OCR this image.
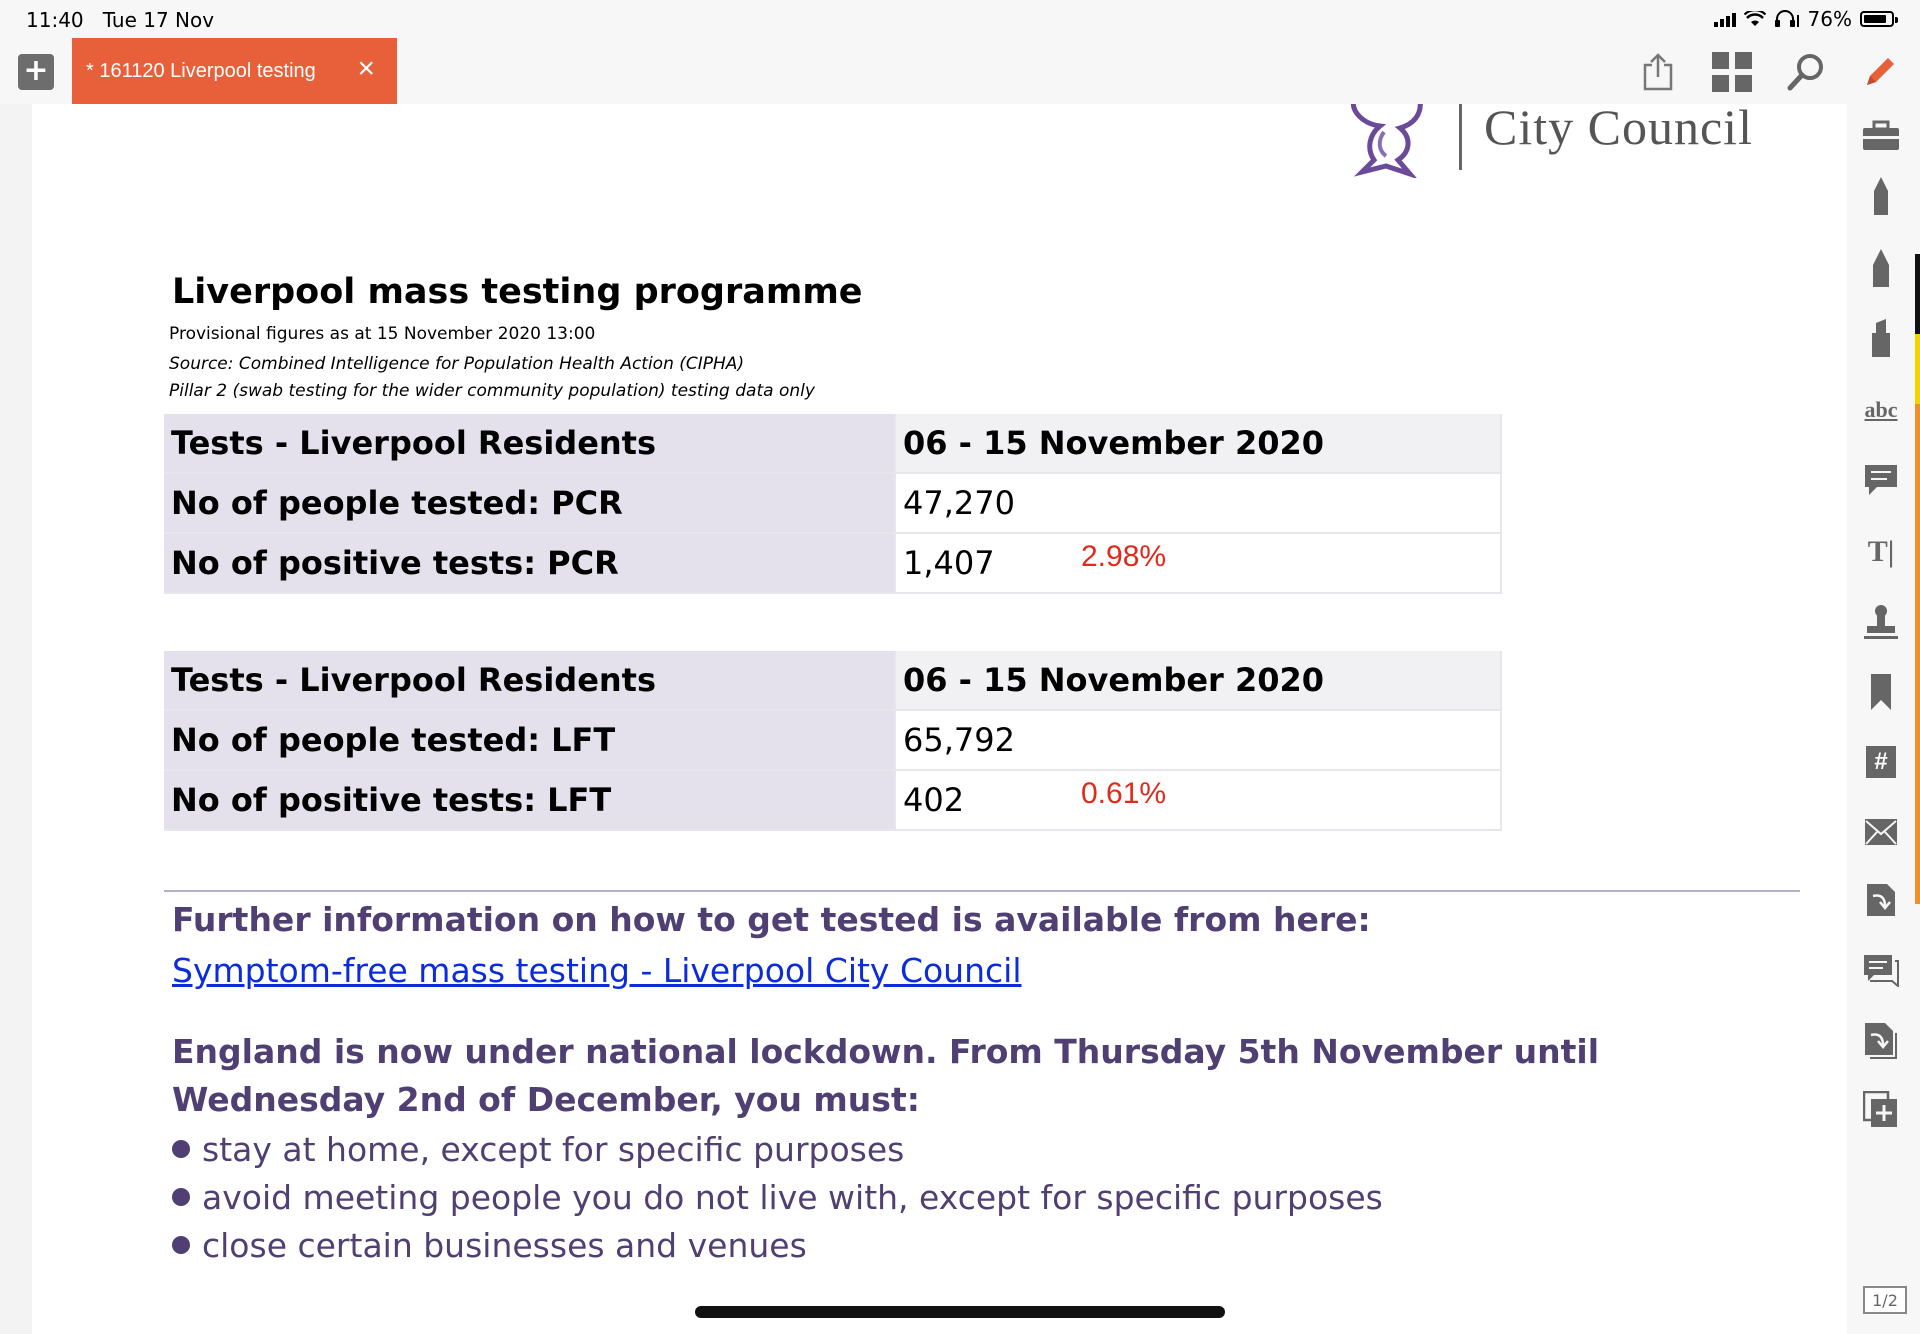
11:40 Tue 17 Nov	76%
+ * 161120 Liverpool testing ×
City Council
Liverpool mass testing programme
Provisional figures as at 15 November 2020 13:00
Source: Combined Intelligence for Population Health Action (CIPHA)
Pillar 2 (swab testing for the wider community population) testing data only
Tests - Liverpool Residents	06 - 15 November 2020
No of people tested: PCR	47,270
No of positive tests: PCR	1,407 2.98%
Tests - Liverpool Residents	06 - 15 November 2020
No of people tested: LFT	65,792
No of positive tests: LFT	402 0.61%
Further information on how to get tested is available from here:
Symptom-free mass testing - Liverpool City Council
England is now under national lockdown. From Thursday 5th November until Wednesday 2nd of December, you must:
stay at home, except for specific purposes
avoid meeting people you do not live with, except for specific purposes
close certain businesses and venues
abc
T|
#
1/2
